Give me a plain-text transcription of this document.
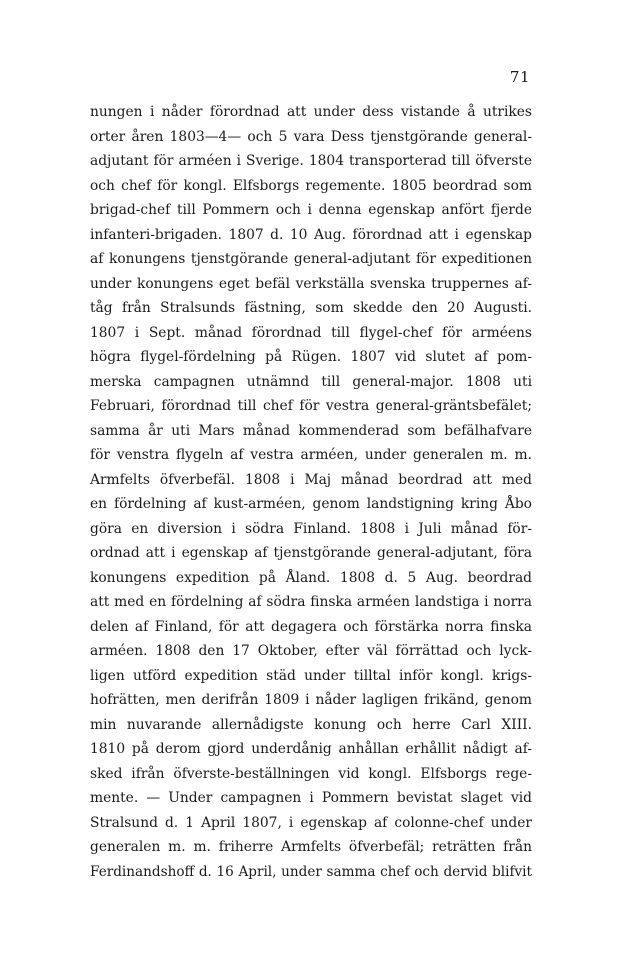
71
nungen i nåder förordnad att under dess vistande å utrikes
orter åren 1803—4— och 5 vara Dess tjenstgörande general-
adjutant för arméen i Sverige. 1804 transporterad till öfverste
och chef för kongl. Elfsborgs regemente. 1805 beordrad som
brigad-chef till Pommern och i denna egenskap anfört fjerde
infanteri-brigaden. 1807 d. 10 Aug. förordnad att i egenskap
af konungens tjenstgörande general-adjutant för expeditionen
under konungens eget befäl verkställa svenska truppernes af-
tåg från Stralsunds fästning, som skedde den 20 Augusti.
1807 i Sept. månad förordnad till flygel-chef för arméens
högra flygel-fördelning på Rügen. 1807 vid slutet af pom-
merska campagnen utnämnd till general-major. 1808 uti
Februari, förordnad till chef för vestra general-gräntsbefälet;
samma år uti Mars månad kommenderad som befälhafvare
för venstra flygeln af vestra arméen, under generalen m. m.
Armfelts öfverbefäl. 1808 i Maj månad beordrad att med
en fördelning af kust-arméen, genom landstigning kring Åbo
göra en diversion i södra Finland. 1808 i Juli månad för-
ordnad att i egenskap af tjenstgörande general-adjutant, föra
konungens expedition på Åland. 1808 d. 5 Aug. beordrad
att med en fördelning af södra finska arméen landstiga i norra
delen af Finland, för att degagera och förstärka norra finska
arméen. 1808 den 17 Oktober, efter väl förrättad och lyck-
ligen utförd expedition städ under tilltal inför kongl. krigs-
hofrätten, men derifrån 1809 i nåder lagligen frikänd, genom
min nuvarande allernådigste konung och herre Carl XIII.
1810 på derom gjord underdånig anhållan erhållit nådigt af-
sked ifrån öfverste-beställningen vid kongl. Elfsborgs rege-
mente. — Under campagnen i Pommern bevistat slaget vid
Stralsund d. 1 April 1807, i egenskap af colonne-chef under
generalen m. m. friherre Armfelts öfverbefäl; reträtten från
Ferdinandshoff d. 16 April, under samma chef och dervid blifvit
